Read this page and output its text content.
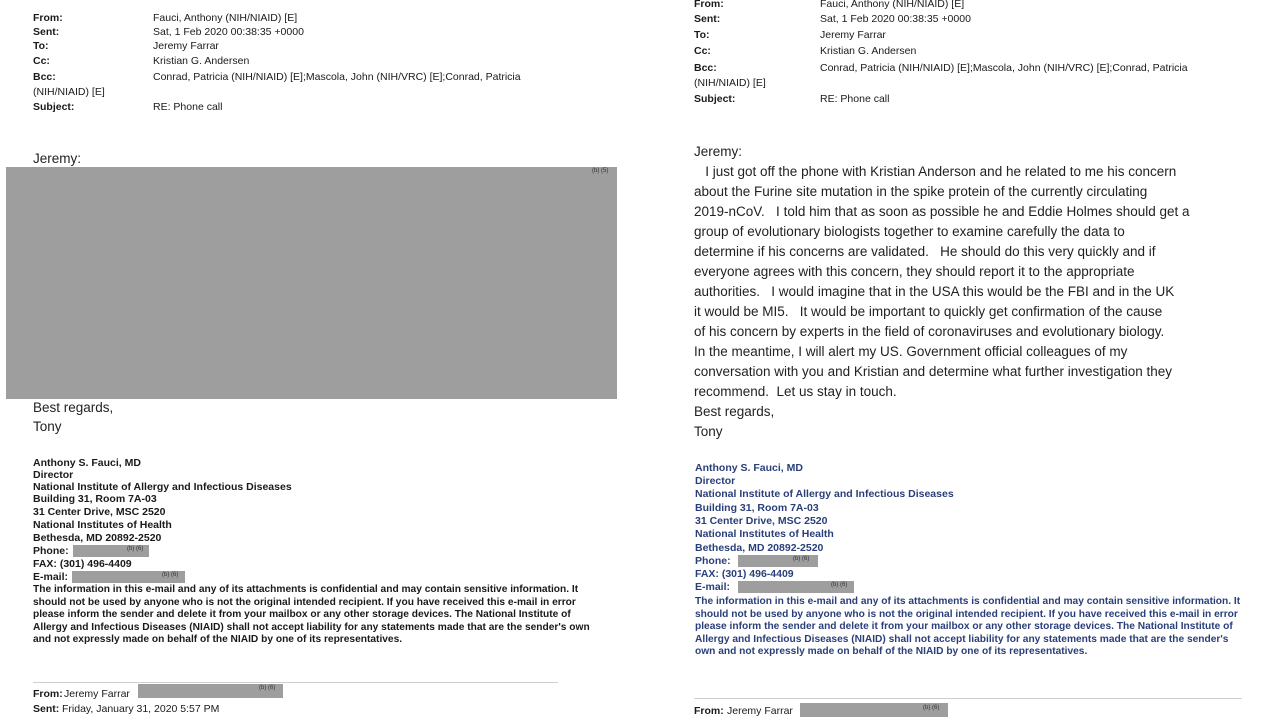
From:	Fauci, Anthony (NIH/NIAID) [E]
Sent:	Sat, 1 Feb 2020 00:38:35 +0000
To:	Jeremy Farrar
Cc:	Kristian G. Andersen
Bcc:	Conrad, Patricia (NIH/NIAID) [E];Mascola, John (NIH/VRC) [E];Conrad, Patricia
(NIH/NIAID) [E]
Subject:	RE: Phone call
Jeremy:
(b) (5)
Best regards,
Tony
Anthony S. Fauci, MD
Director
National Institute of Allergy and Infectious Diseases
Building 31, Room 7A-03
31 Center Drive, MSC 2520
National Institutes of Health
Bethesda, MD 20892-2520
Phone:	(b) (6)
FAX: (301) 496-4409
E-mail:	(b) (6)
The information in this e-mail and any of its attachments is confidential and may contain sensitive information. It should not be used by anyone who is not the original intended recipient. If you have received this e-mail in error please inform the sender and delete it from your mailbox or any other storage devices. The National Institute of Allergy and Infectious Diseases (NIAID) shall not accept liability for any statements made that are the sender's own and not expressly made on behalf of the NIAID by one of its representatives.
From: Jeremy Farrar	(b) (6)
Sent: Friday, January 31, 2020 5:57 PM
From:	Fauci, Anthony (NIH/NIAID) [E]
Sent:	Sat, 1 Feb 2020 00:38:35 +0000
To:	Jeremy Farrar
Cc:	Kristian G. Andersen
Bcc:	Conrad, Patricia (NIH/NIAID) [E];Mascola, John (NIH/VRC) [E];Conrad, Patricia
(NIH/NIAID) [E]
Subject:	RE: Phone call
Jeremy:
I just got off the phone with Kristian Anderson and he related to me his concern
about the Furine site mutation in the spike protein of the currently circulating
2019-nCoV.   I told him that as soon as possible he and Eddie Holmes should get a
group of evolutionary biologists together to examine carefully the data to
determine if his concerns are validated.   He should do this very quickly and if
everyone agrees with this concern, they should report it to the appropriate
authorities.   I would imagine that in the USA this would be the FBI and in the UK
it would be MI5.   It would be important to quickly get confirmation of the cause
of his concern by experts in the field of coronaviruses and evolutionary biology.
In the meantime, I will alert my US. Government official colleagues of my
conversation with you and Kristian and determine what further investigation they
recommend.  Let us stay in touch.
Best regards,
Tony
Anthony S. Fauci, MD
Director
National Institute of Allergy and Infectious Diseases
Building 31, Room 7A-03
31 Center Drive, MSC 2520
National Institutes of Health
Bethesda, MD 20892-2520
Phone:	(b) (6)
FAX: (301) 496-4409
E-mail:	(b) (6)
The information in this e-mail and any of its attachments is confidential and may contain sensitive information. It should not be used by anyone who is not the original intended recipient. If you have received this e-mail in error please inform the sender and delete it from your mailbox or any other storage devices. The National Institute of Allergy and Infectious Diseases (NIAID) shall not accept liability for any statements made that are the sender's own and not expressly made on behalf of the NIAID by one of its representatives.
From: Jeremy Farrar	(b) (6)
